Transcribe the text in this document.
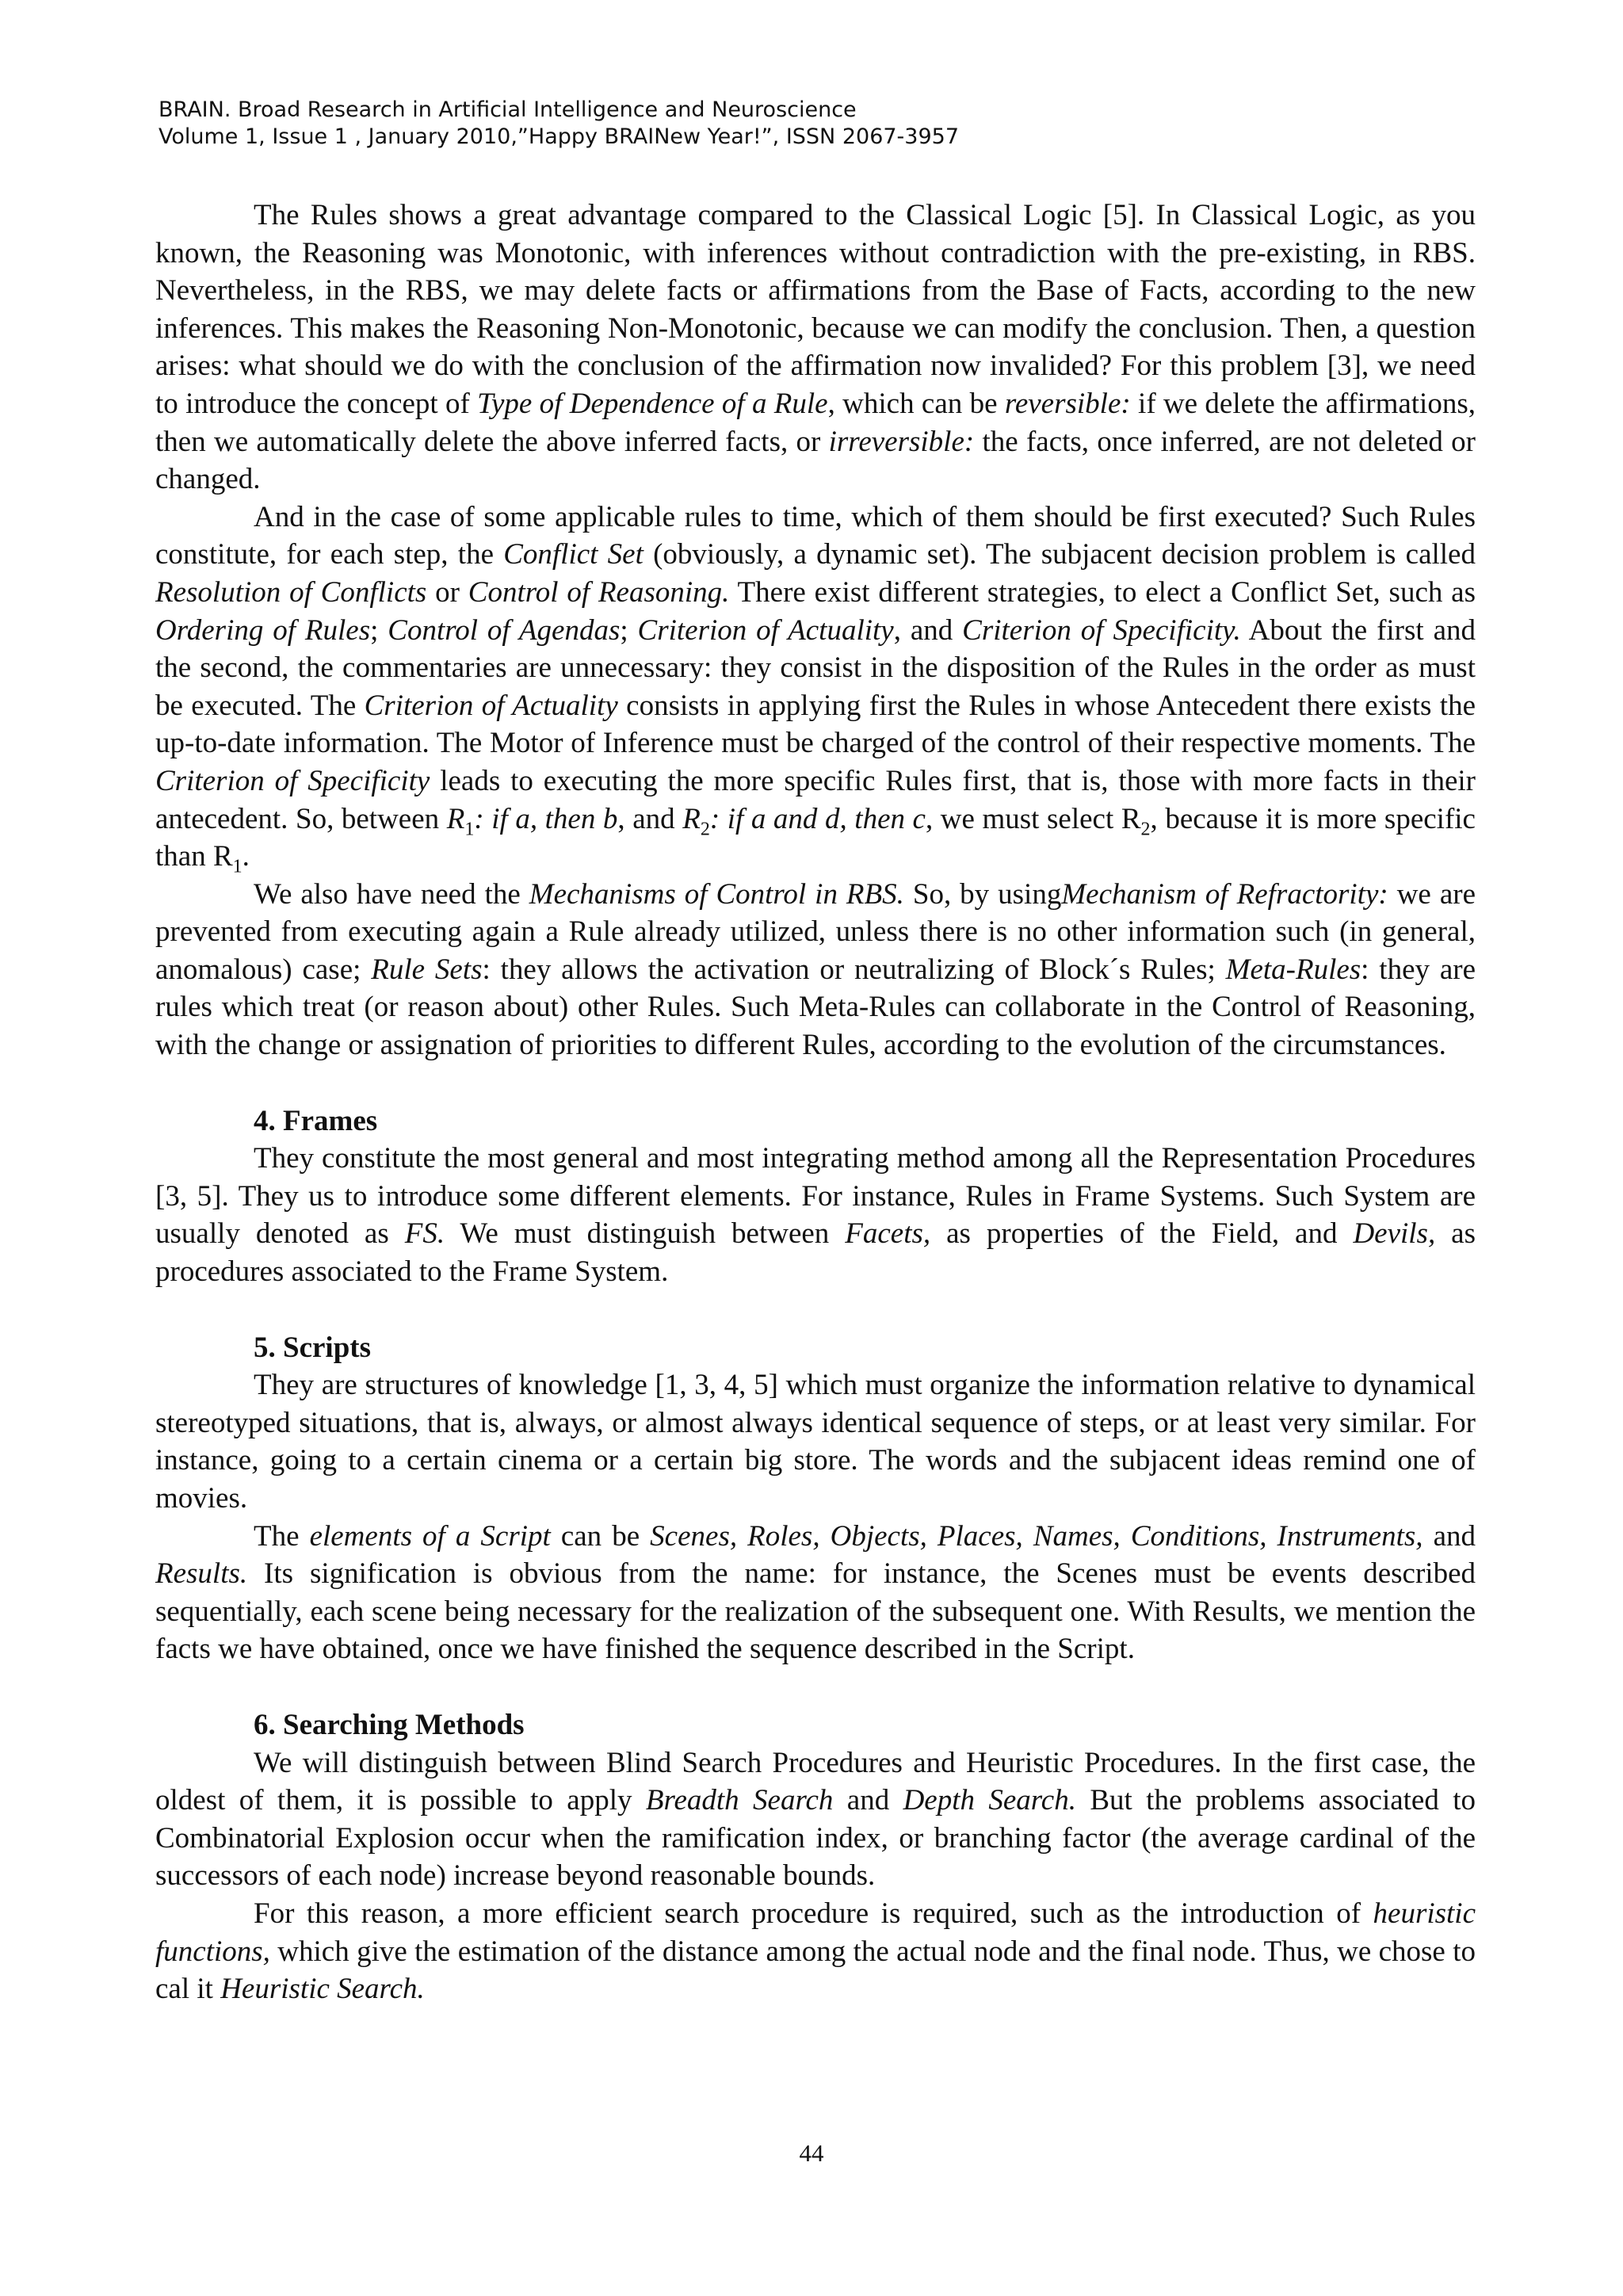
BRAIN. Broad Research in Artificial Intelligence and Neuroscience
Volume 1, Issue 1 , January 2010,”Happy BRAINew Year!”, ISSN 2067-3957

The Rules shows a great advantage compared to the Classical Logic [5]. In Classical Logic, as you known, the Reasoning was Monotonic, with inferences without contradiction with the pre-existing, in RBS. Nevertheless, in the RBS, we may delete facts or affirmations from the Base of Facts, according to the new inferences. This makes the Reasoning Non-Monotonic, because we can modify the conclusion. Then, a question arises: what should we do with the conclusion of the affirmation now invalided? For this problem [3], we need to introduce the concept of Type of Dependence of a Rule, which can be reversible: if we delete the affirmations, then we automatically delete the above inferred facts, or irreversible: the facts, once inferred, are not deleted or changed.

And in the case of some applicable rules to time, which of them should be first executed? Such Rules constitute, for each step, the Conflict Set (obviously, a dynamic set). The subjacent decision problem is called Resolution of Conflicts or Control of Reasoning. There exist different strategies, to elect a Conflict Set, such as Ordering of Rules; Control of Agendas; Criterion of Actuality, and Criterion of Specificity. About the first and the second, the commentaries are unnecessary: they consist in the disposition of the Rules in the order as must be executed. The Criterion of Actuality consists in applying first the Rules in whose Antecedent there exists the up-to-date information. The Motor of Inference must be charged of the control of their respective moments. The Criterion of Specificity leads to executing the more specific Rules first, that is, those with more facts in their antecedent. So, between $R_1$: if a, then b, and $R_2$: if a and d, then c, we must select $R_2$, because it is more specific than $R_1$.

We also have need the Mechanisms of Control in RBS. So, by usingMechanism of Refractority: we are prevented from executing again a Rule already utilized, unless there is no other information such (in general, anomalous) case; Rule Sets: they allows the activation or neutralizing of Block´s Rules; Meta-Rules: they are rules which treat (or reason about) other Rules. Such Meta-Rules can collaborate in the Control of Reasoning, with the change or assignation of priorities to different Rules, according to the evolution of the circumstances.

4. Frames

They constitute the most general and most integrating method among all the Representation Procedures [3, 5]. They us to introduce some different elements. For instance, Rules in Frame Systems. Such System are usually denoted as FS. We must distinguish between Facets, as properties of the Field, and Devils, as procedures associated to the Frame System.

5. Scripts

They are structures of knowledge [1, 3, 4, 5] which must organize the information relative to dynamical stereotyped situations, that is, always, or almost always identical sequence of steps, or at least very similar. For instance, going to a certain cinema or a certain big store. The words and the subjacent ideas remind one of movies.

The elements of a Script can be Scenes, Roles, Objects, Places, Names, Conditions, Instruments, and Results. Its signification is obvious from the name: for instance, the Scenes must be events described sequentially, each scene being necessary for the realization of the subsequent one. With Results, we mention the facts we have obtained, once we have finished the sequence described in the Script.

6. Searching Methods

We will distinguish between Blind Search Procedures and Heuristic Procedures. In the first case, the oldest of them, it is possible to apply Breadth Search and Depth Search. But the problems associated to Combinatorial Explosion occur when the ramification index, or branching factor (the average cardinal of the successors of each node) increase beyond reasonable bounds.

For this reason, a more efficient search procedure is required, such as the introduction of heuristic functions, which give the estimation of the distance among the actual node and the final node. Thus, we chose to cal it Heuristic Search.

44
